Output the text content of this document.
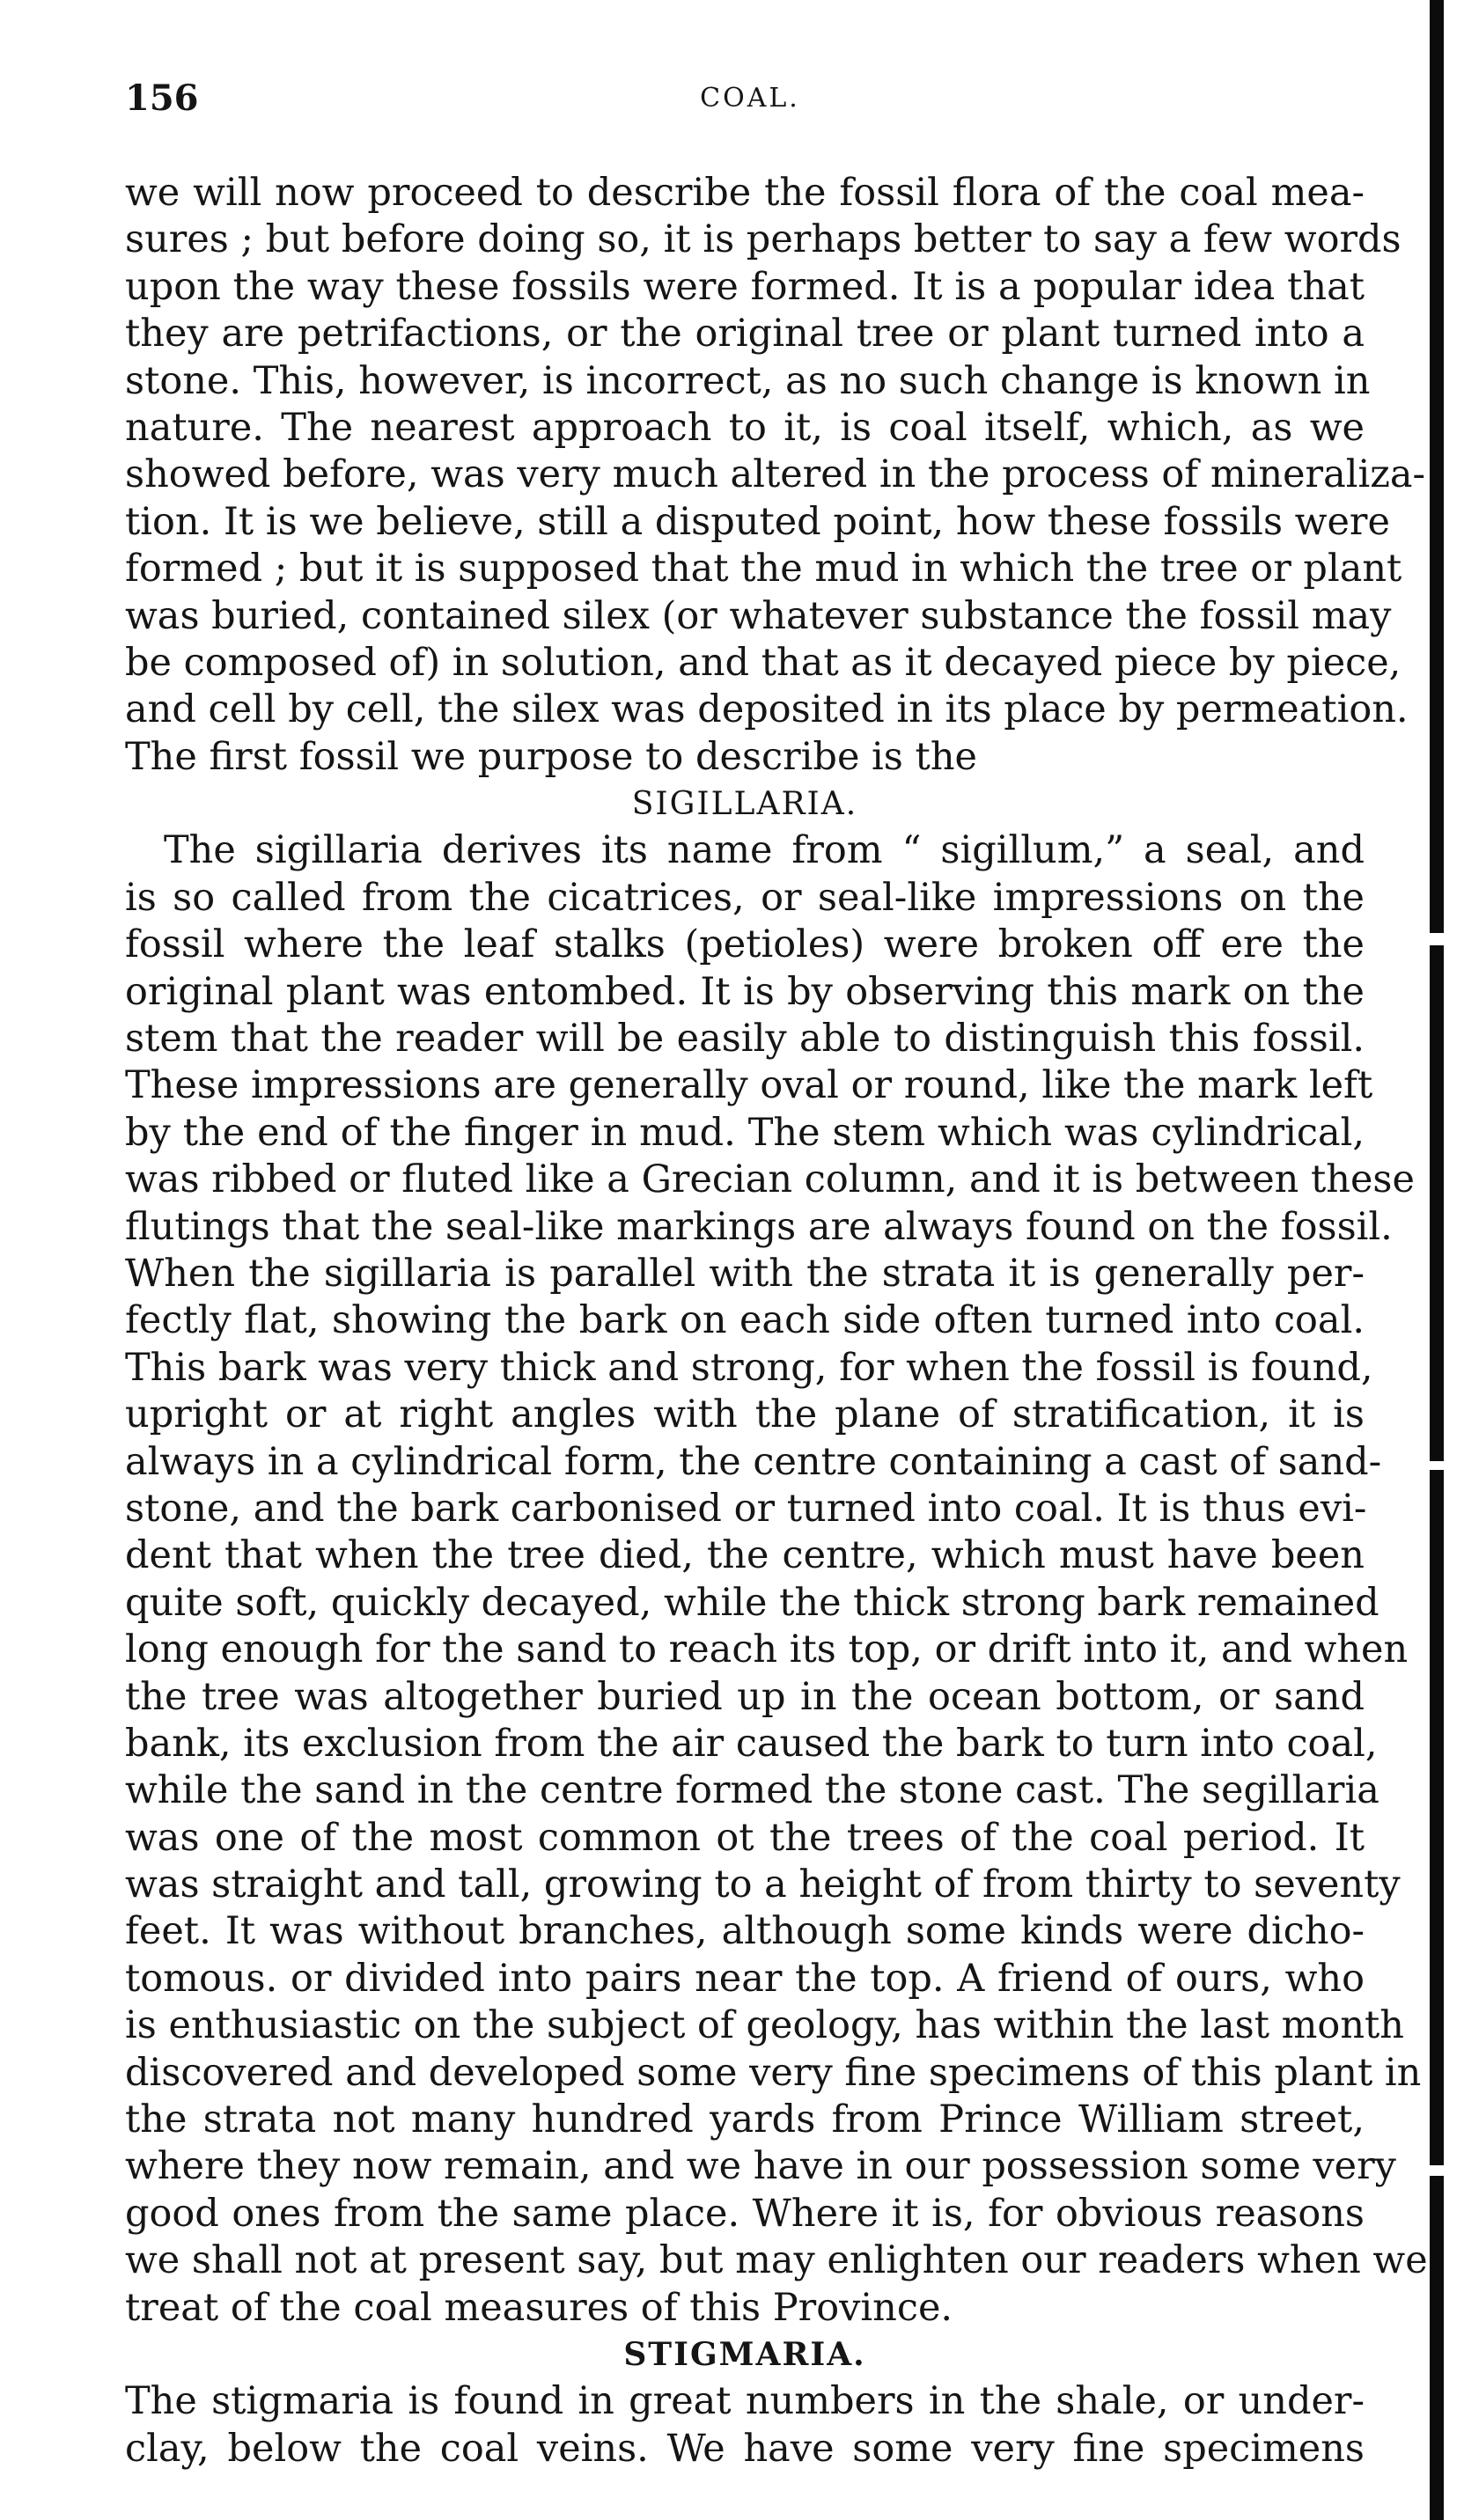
156	COAL.
we will now proceed to describe the fossil flora of the coal mea-
sures ; but before doing so, it is perhaps better to say a few words
upon the way these fossils were formed. It is a popular idea that
they are petrifactions, or the original tree or plant turned into a
stone. This, however, is incorrect, as no such change is known in
nature. The nearest approach to it, is coal itself, which, as we
showed before, was very much altered in the process of mineraliza-
tion. It is we believe, still a disputed point, how these fossils were
formed ; but it is supposed that the mud in which the tree or plant
was buried, contained silex (or whatever substance the fossil may
be composed of) in solution, and that as it decayed piece by piece,
and cell by cell, the silex was deposited in its place by permeation.
The first fossil we purpose to describe is the
SIGILLARIA.
The sigillaria derives its name from “ sigillum,” a seal, and
is so called from the cicatrices, or seal-like impressions on the
fossil where the leaf stalks (petioles) were broken off ere the
original plant was entombed. It is by observing this mark on the
stem that the reader will be easily able to distinguish this fossil.
These impressions are generally oval or round, like the mark left
by the end of the finger in mud. The stem which was cylindrical,
was ribbed or fluted like a Grecian column, and it is between these
flutings that the seal-like markings are always found on the fossil.
When the sigillaria is parallel with the strata it is generally per-
fectly flat, showing the bark on each side often turned into coal.
This bark was very thick and strong, for when the fossil is found,
upright or at right angles with the plane of stratification, it is
always in a cylindrical form, the centre containing a cast of sand-
stone, and the bark carbonised or turned into coal. It is thus evi-
dent that when the tree died, the centre, which must have been
quite soft, quickly decayed, while the thick strong bark remained
long enough for the sand to reach its top, or drift into it, and when
the tree was altogether buried up in the ocean bottom, or sand
bank, its exclusion from the air caused the bark to turn into coal,
while the sand in the centre formed the stone cast. The segillaria
was one of the most common ot the trees of the coal period. It
was straight and tall, growing to a height of from thirty to seventy
feet. It was without branches, although some kinds were dicho-
tomous. or divided into pairs near the top. A friend of ours, who
is enthusiastic on the subject of geology, has within the last month
discovered and developed some very fine specimens of this plant in
the strata not many hundred yards from Prince William street,
where they now remain, and we have in our possession some very
good ones from the same place. Where it is, for obvious reasons
we shall not at present say, but may enlighten our readers when we
treat of the coal measures of this Province.
STIGMARIA.
The stigmaria is found in great numbers in the shale, or under-
clay, below the coal veins. We have some very fine specimens
